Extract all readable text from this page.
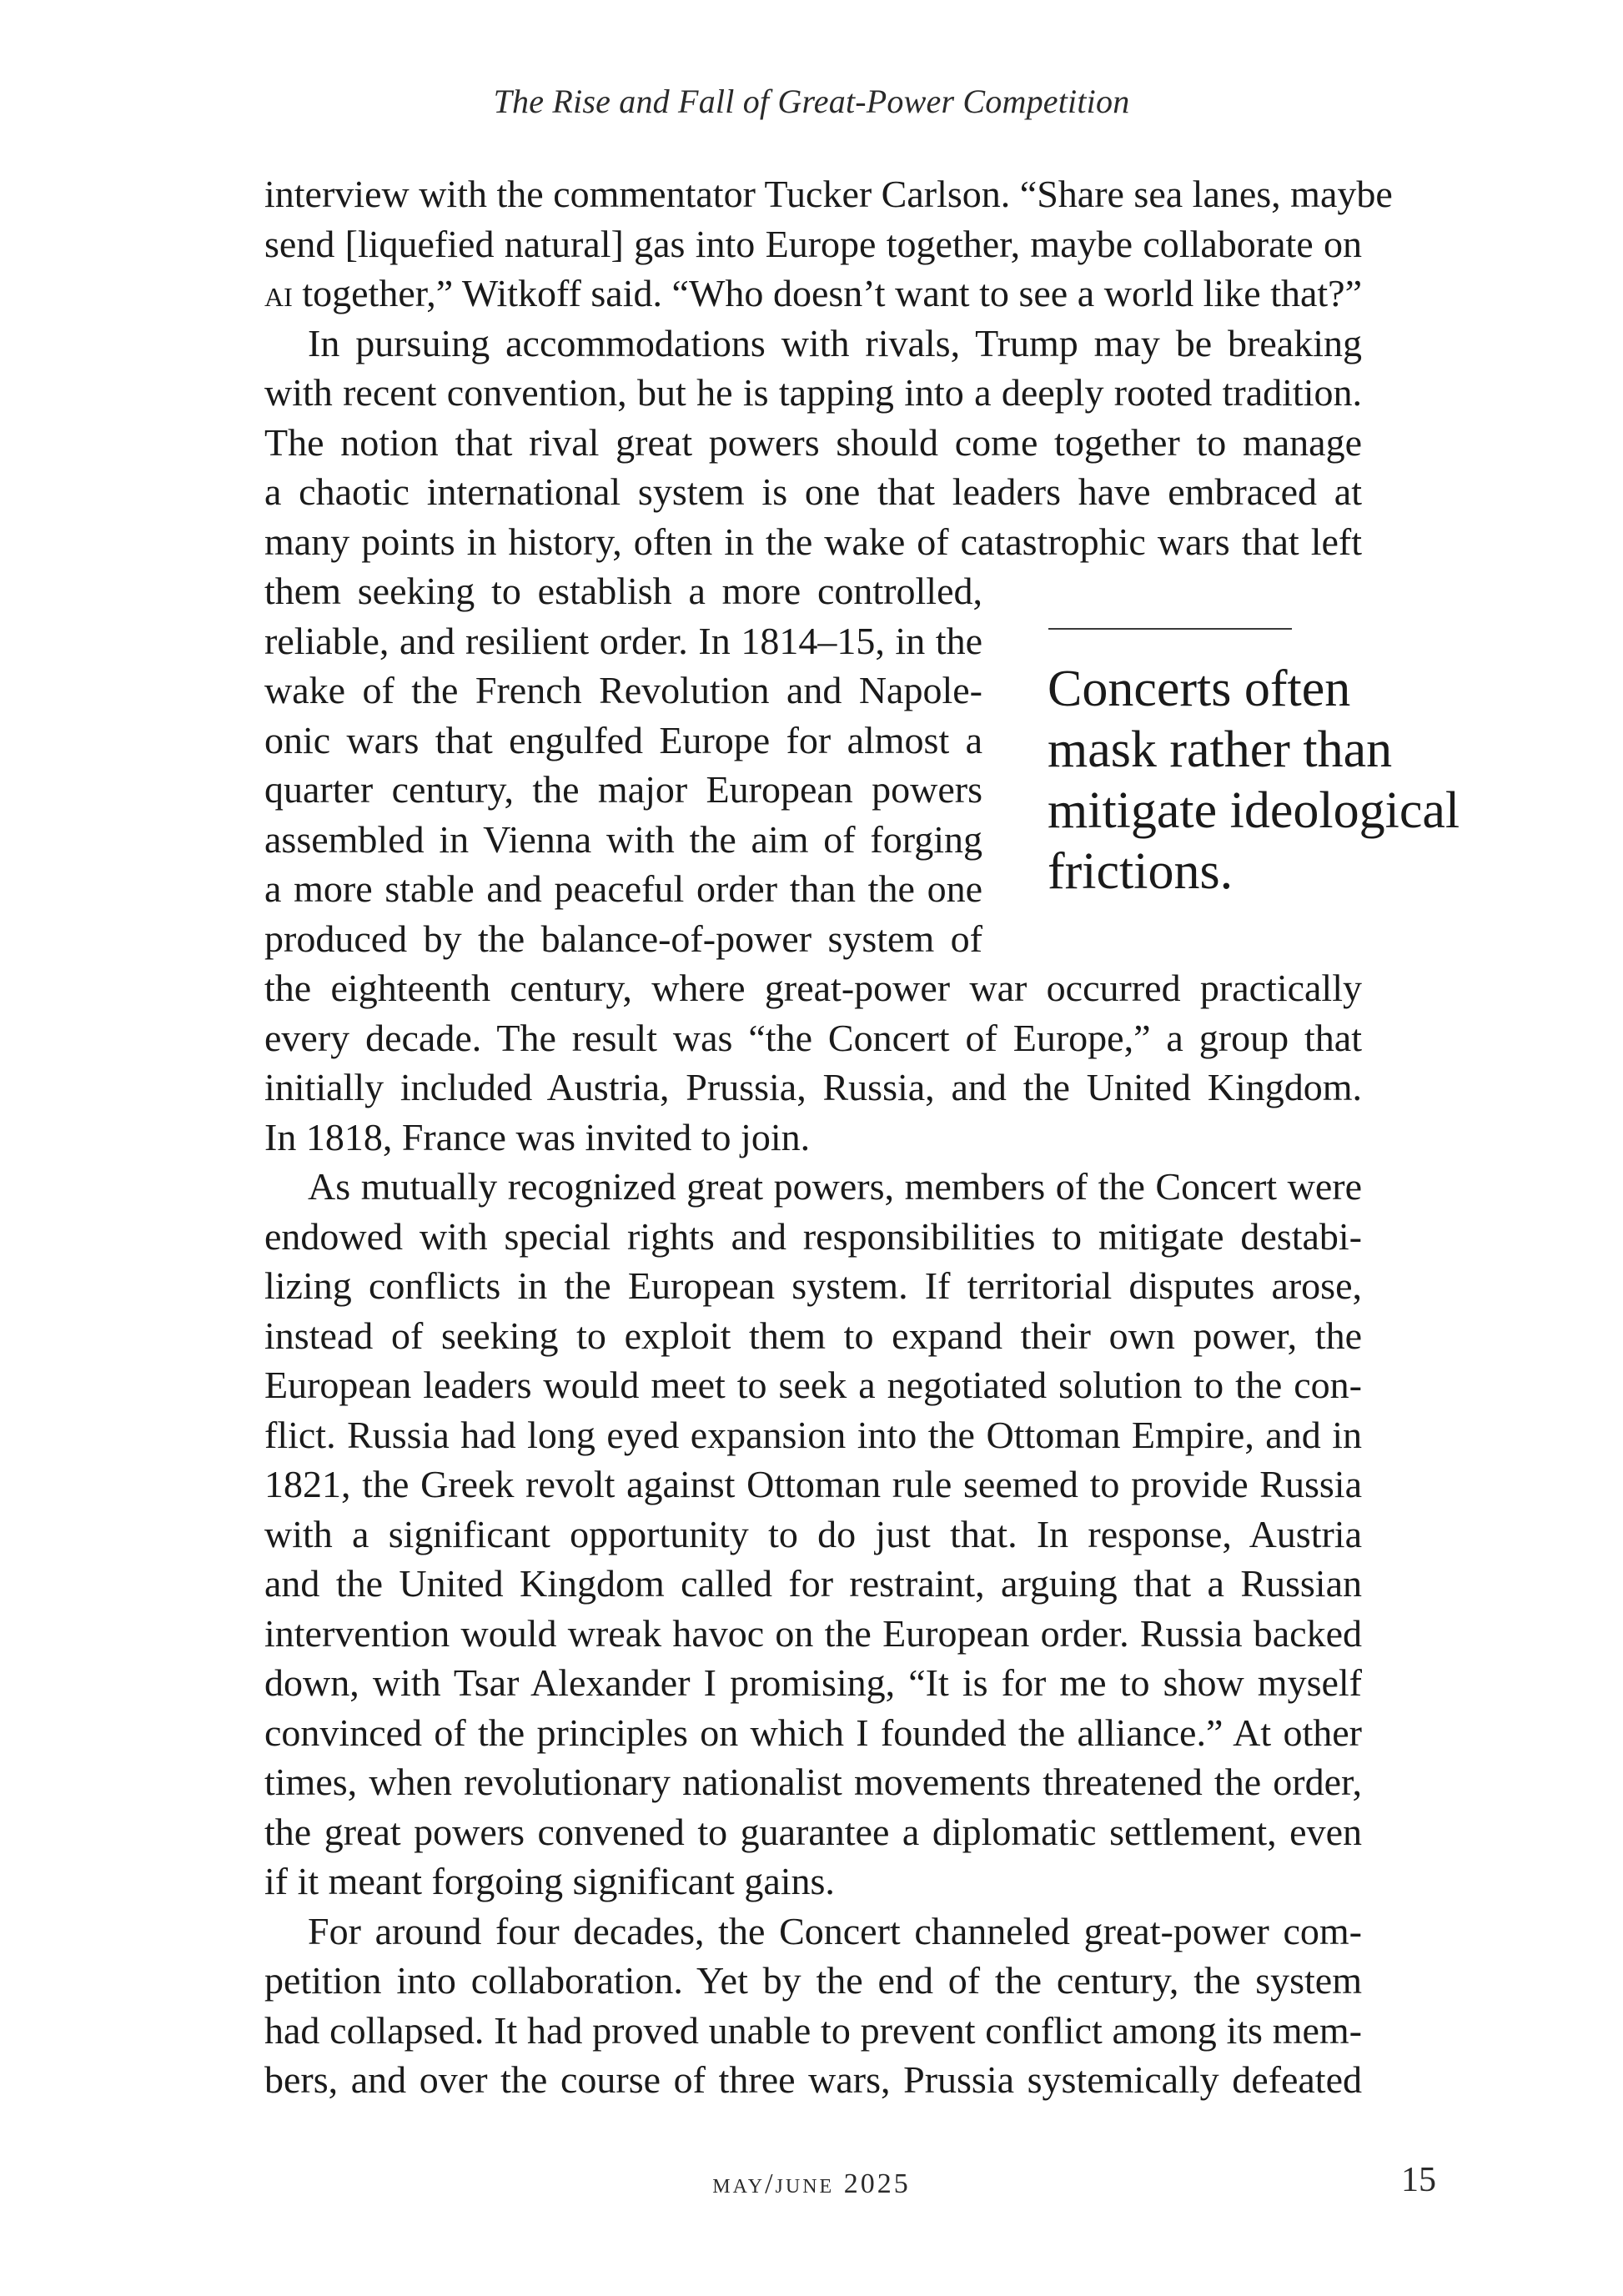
The Rise and Fall of Great-Power Competition
interview with the commentator Tucker Carlson. “Share sea lanes, maybe
send [liquefied natural] gas into Europe together, maybe collaborate on
ai together,” Witkoff said. “Who doesn’t want to see a world like that?”
In pursuing accommodations with rivals, Trump may be breaking
with recent convention, but he is tapping into a deeply rooted tradition.
The notion that rival great powers should come together to manage
a chaotic international system is one that leaders have embraced at
many points in history, often in the wake of catastrophic wars that left
them seeking to establish a more controlled,
reliable, and resilient order. In 1814–15, in the
wake of the French Revolution and Napole-
onic wars that engulfed Europe for almost a
quarter century, the major European powers
assembled in Vienna with the aim of forging
a more stable and peaceful order than the one
produced by the balance-of-power system of
the eighteenth century, where great-power war occurred practically
every decade. The result was “the Concert of Europe,” a group that
initially included Austria, Prussia, Russia, and the United Kingdom.
In 1818, France was invited to join.
As mutually recognized great powers, members of the Concert were
endowed with special rights and responsibilities to mitigate destabi-
lizing conflicts in the European system. If territorial disputes arose,
instead of seeking to exploit them to expand their own power, the
European leaders would meet to seek a negotiated solution to the con-
flict. Russia had long eyed expansion into the Ottoman Empire, and in
1821, the Greek revolt against Ottoman rule seemed to provide Russia
with a significant opportunity to do just that. In response, Austria
and the United Kingdom called for restraint, arguing that a Russian
intervention would wreak havoc on the European order. Russia backed
down, with Tsar Alexander I promising, “It is for me to show myself
convinced of the principles on which I founded the alliance.” At other
times, when revolutionary nationalist movements threatened the order,
the great powers convened to guarantee a diplomatic settlement, even
if it meant forgoing significant gains.
For around four decades, the Concert channeled great-power com-
petition into collaboration. Yet by the end of the century, the system
had collapsed. It had proved unable to prevent conflict among its mem-
bers, and over the course of three wars, Prussia systemically defeated
Concerts often
mask rather than
mitigate ideological
frictions.
may/june 2025	15
